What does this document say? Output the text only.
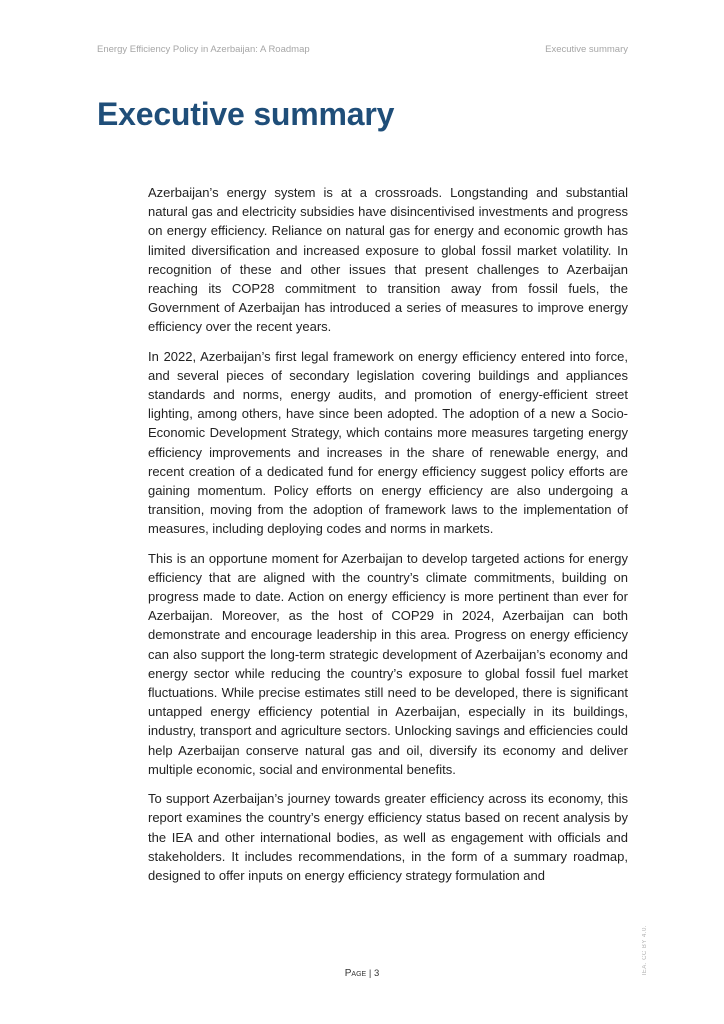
Energy Efficiency Policy in Azerbaijan: A Roadmap	Executive summary
Executive summary

Azerbaijan’s energy system is at a crossroads. Longstanding and substantial natural gas and electricity subsidies have disincentivised investments and progress on energy efficiency. Reliance on natural gas for energy and economic growth has limited diversification and increased exposure to global fossil market volatility. In recognition of these and other issues that present challenges to Azerbaijan reaching its COP28 commitment to transition away from fossil fuels, the Government of Azerbaijan has introduced a series of measures to improve energy efficiency over the recent years.

In 2022, Azerbaijan’s first legal framework on energy efficiency entered into force, and several pieces of secondary legislation covering buildings and appliances standards and norms, energy audits, and promotion of energy-efficient street lighting, among others, have since been adopted. The adoption of a new a Socio-Economic Development Strategy, which contains more measures targeting energy efficiency improvements and increases in the share of renewable energy, and recent creation of a dedicated fund for energy efficiency suggest policy efforts are gaining momentum. Policy efforts on energy efficiency are also undergoing a transition, moving from the adoption of framework laws to the implementation of measures, including deploying codes and norms in markets.

This is an opportune moment for Azerbaijan to develop targeted actions for energy efficiency that are aligned with the country’s climate commitments, building on progress made to date. Action on energy efficiency is more pertinent than ever for Azerbaijan. Moreover, as the host of COP29 in 2024, Azerbaijan can both demonstrate and encourage leadership in this area. Progress on energy efficiency can also support the long-term strategic development of Azerbaijan’s economy and energy sector while reducing the country’s exposure to global fossil fuel market fluctuations. While precise estimates still need to be developed, there is significant untapped energy efficiency potential in Azerbaijan, especially in its buildings, industry, transport and agriculture sectors. Unlocking savings and efficiencies could help Azerbaijan conserve natural gas and oil, diversify its economy and deliver multiple economic, social and environmental benefits.

To support Azerbaijan’s journey towards greater efficiency across its economy, this report examines the country’s energy efficiency status based on recent analysis by the IEA and other international bodies, as well as engagement with officials and stakeholders. It includes recommendations, in the form of a summary roadmap, designed to offer inputs on energy efficiency strategy formulation and

IEA. CC BY 4.0.
Page | 3
